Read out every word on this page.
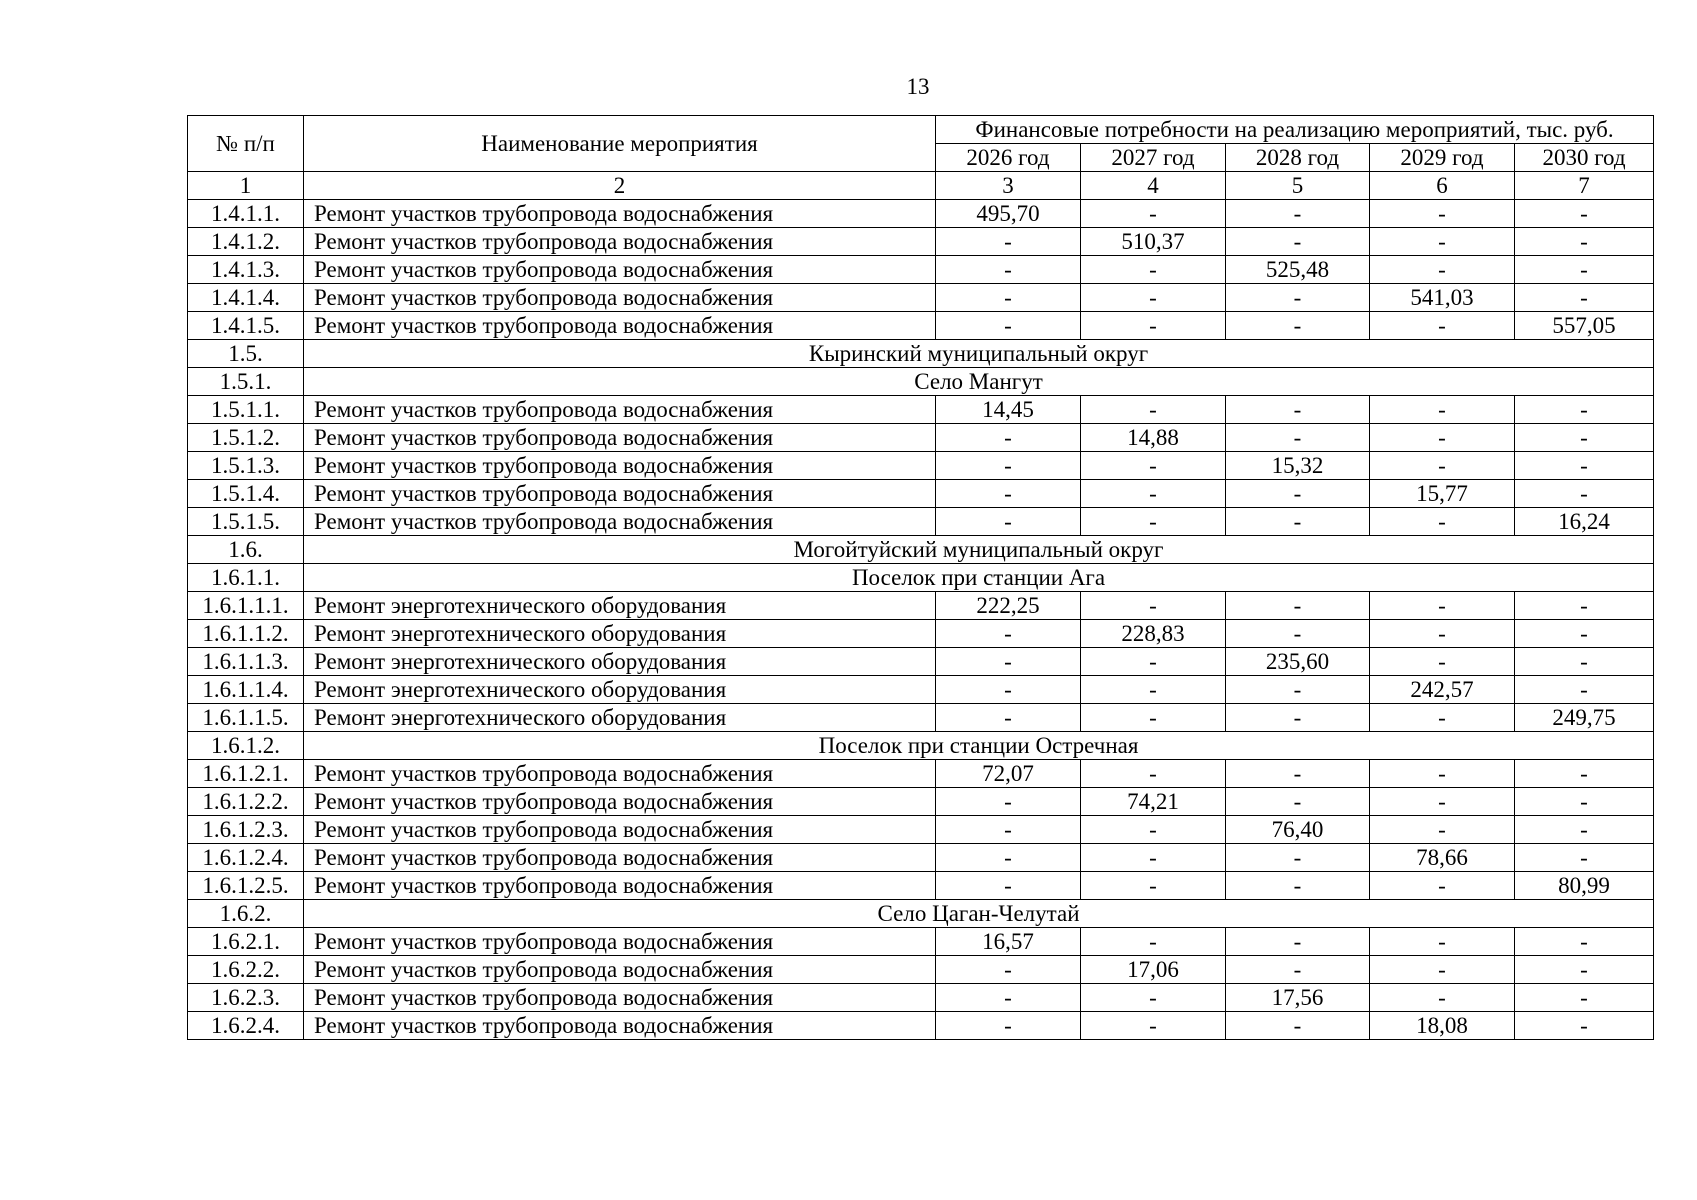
13
№ п/п	Наименование мероприятия	Финансовые потребности на реализацию мероприятий, тыс. руб.				
		2026 год	2027 год	2028 год	2029 год	2030 год
1	2	3	4	5	6	7
1.4.1.1.	Ремонт участков трубопровода водоснабжения	495,70	-	-	-	-
1.4.1.2.	Ремонт участков трубопровода водоснабжения	-	510,37	-	-	-
1.4.1.3.	Ремонт участков трубопровода водоснабжения	-	-	525,48	-	-
1.4.1.4.	Ремонт участков трубопровода водоснабжения	-	-	-	541,03	-
1.4.1.5.	Ремонт участков трубопровода водоснабжения	-	-	-	-	557,05
1.5.	Кыринский муниципальный округ					
1.5.1.	Село Мангут					
1.5.1.1.	Ремонт участков трубопровода водоснабжения	14,45	-	-	-	-
1.5.1.2.	Ремонт участков трубопровода водоснабжения	-	14,88	-	-	-
1.5.1.3.	Ремонт участков трубопровода водоснабжения	-	-	15,32	-	-
1.5.1.4.	Ремонт участков трубопровода водоснабжения	-	-	-	15,77	-
1.5.1.5.	Ремонт участков трубопровода водоснабжения	-	-	-	-	16,24
1.6.	Могойтуйский муниципальный округ					
1.6.1.1.	Поселок при станции Ага					
1.6.1.1.1.	Ремонт энерготехнического оборудования	222,25	-	-	-	-
1.6.1.1.2.	Ремонт энерготехнического оборудования	-	228,83	-	-	-
1.6.1.1.3.	Ремонт энерготехнического оборудования	-	-	235,60	-	-
1.6.1.1.4.	Ремонт энерготехнического оборудования	-	-	-	242,57	-
1.6.1.1.5.	Ремонт энерготехнического оборудования	-	-	-	-	249,75
1.6.1.2.	Поселок при станции Остречная					
1.6.1.2.1.	Ремонт участков трубопровода водоснабжения	72,07	-	-	-	-
1.6.1.2.2.	Ремонт участков трубопровода водоснабжения	-	74,21	-	-	-
1.6.1.2.3.	Ремонт участков трубопровода водоснабжения	-	-	76,40	-	-
1.6.1.2.4.	Ремонт участков трубопровода водоснабжения	-	-	-	78,66	-
1.6.1.2.5.	Ремонт участков трубопровода водоснабжения	-	-	-	-	80,99
1.6.2.	Село Цаган-Челутай					
1.6.2.1.	Ремонт участков трубопровода водоснабжения	16,57	-	-	-	-
1.6.2.2.	Ремонт участков трубопровода водоснабжения	-	17,06	-	-	-
1.6.2.3.	Ремонт участков трубопровода водоснабжения	-	-	17,56	-	-
1.6.2.4.	Ремонт участков трубопровода водоснабжения	-	-	-	18,08	-
